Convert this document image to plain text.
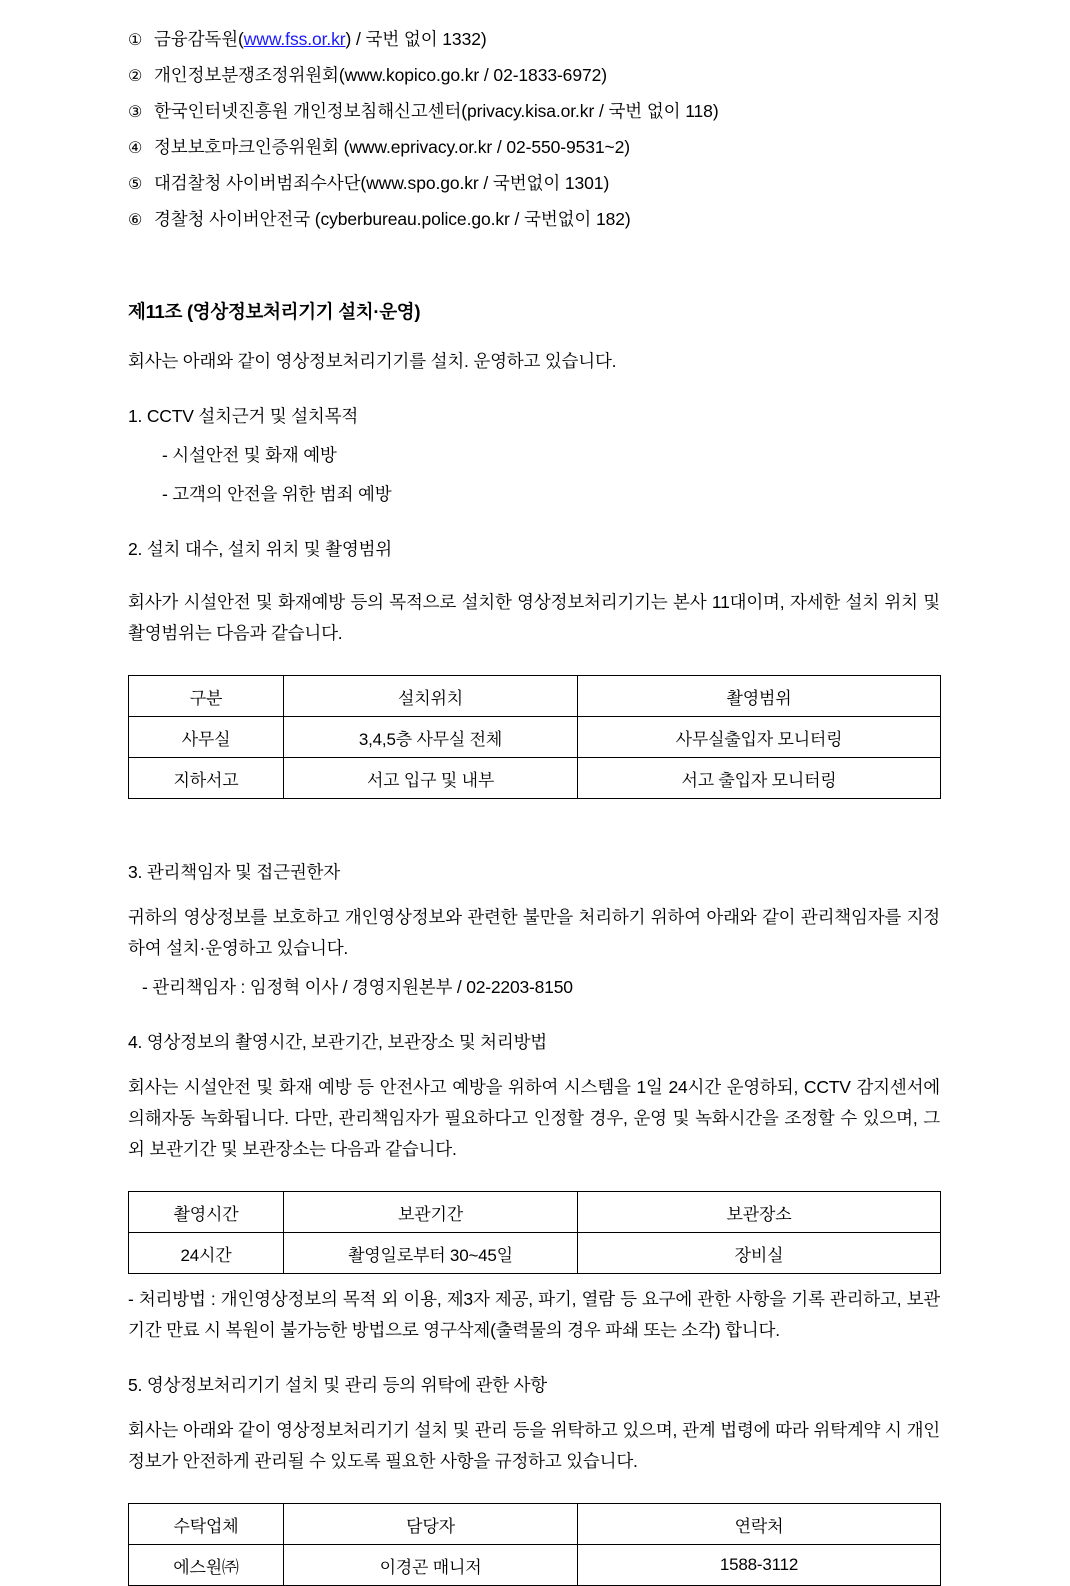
① 금융감독원(www.fss.or.kr) / 국번 없이 1332)
② 개인정보분쟁조정위원회(www.kopico.go.kr / 02-1833-6972)
③ 한국인터넷진흥원 개인정보침해신고센터(privacy.kisa.or.kr / 국번 없이 118)
④ 정보보호마크인증위원회 (www.eprivacy.or.kr / 02-550-9531~2)
⑤ 대검찰청 사이버범죄수사단(www.spo.go.kr / 국번없이 1301)
⑥ 경찰청 사이버안전국 (cyberbureau.police.go.kr / 국번없이 182)
제11조 (영상정보처리기기 설치·운영)

회사는 아래와 같이 영상정보처리기기를 설치. 운영하고 있습니다.

1. CCTV 설치근거 및 설치목적

- 시설안전 및 화재 예방

- 고객의 안전을 위한 범죄 예방

2. 설치 대수, 설치 위치 및 촬영범위

회사가 시설안전 및 화재예방 등의 목적으로 설치한 영상정보처리기기는 본사 11대이며, 자세한 설치 위치 및 촬영범위는 다음과 같습니다.

구분	설치위치	촬영범위
사무실	3,4,5층 사무실 전체	사무실출입자 모니터링
지하서고	서고 입구 및 내부	서고 출입자 모니터링

3. 관리책임자 및 접근권한자

귀하의 영상정보를 보호하고 개인영상정보와 관련한 불만을 처리하기 위하여 아래와 같이 관리책임자를 지정하여 설치·운영하고 있습니다.

- 관리책임자 : 임정혁 이사 / 경영지원본부 / 02-2203-8150

4. 영상정보의 촬영시간, 보관기간, 보관장소 및 처리방법

회사는 시설안전 및 화재 예방 등 안전사고 예방을 위하여 시스템을 1일 24시간 운영하되, CCTV 감지센서에 의해자동 녹화됩니다. 다만, 관리책임자가 필요하다고 인정할 경우, 운영 및 녹화시간을 조정할 수 있으며, 그 외 보관기간 및 보관장소는 다음과 같습니다.

촬영시간	보관기간	보관장소
24시간	촬영일로부터 30~45일	장비실

- 처리방법 : 개인영상정보의 목적 외 이용, 제3자 제공, 파기, 열람 등 요구에 관한 사항을 기록 관리하고, 보관기간 만료 시 복원이 불가능한 방법으로 영구삭제(출력물의 경우 파쇄 또는 소각) 합니다.

5. 영상정보처리기기 설치 및 관리 등의 위탁에 관한 사항

회사는 아래와 같이 영상정보처리기기 설치 및 관리 등을 위탁하고 있으며, 관계 법령에 따라 위탁계약 시 개인정보가 안전하게 관리될 수 있도록 필요한 사항을 규정하고 있습니다.

수탁업체	담당자	연락처
에스원㈜	이경곤 매니저	1588-3112
